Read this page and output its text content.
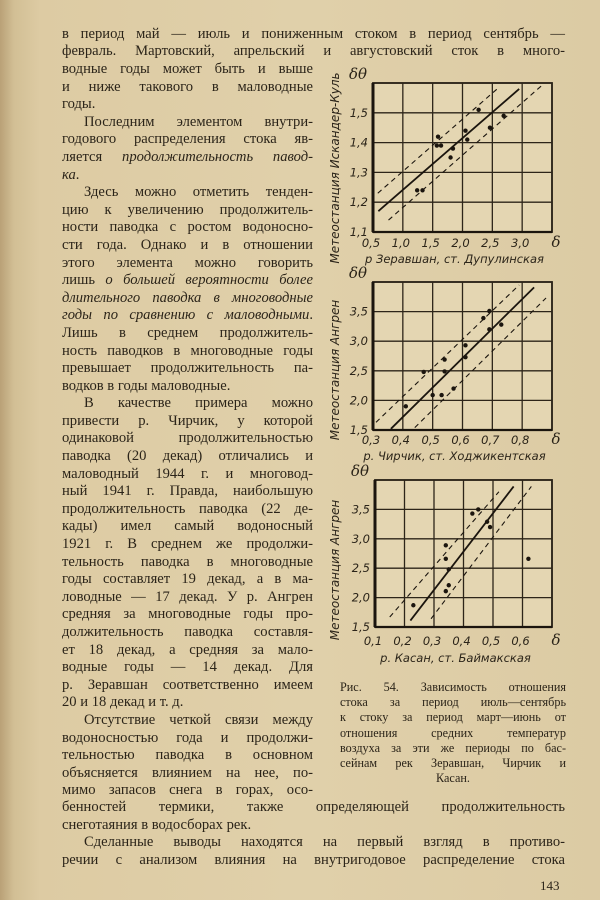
в период май — июль и пониженным стоком в период сентябрь —
февраль. Мартовский, апрельский и августовский сток в много-
водные годы может быть и выше
и ниже такового в маловодные
годы.
Последним элементом внутри-
годового распределения стока яв-
ляется продолжительность павод-
ка.
Здесь можно отметить тенден-
цию к увеличению продолжитель-
ности паводка с ростом водоносно-
сти года. Однако и в отношении
этого элемента можно говорить
лишь о большей вероятности более
длительного паводка в многоводные
годы по сравнению с маловодными.
Лишь в среднем продолжитель-
ность паводков в многоводные годы
превышает продолжительность па-
водков в годы маловодные.
В качестве примера можно
привести р. Чирчик, у которой
одинаковой продолжительностью
паводка (20 декад) отличались и
маловодный 1944 г. и многовод-
ный 1941 г. Правда, наибольшую
продолжительность паводка (22 де-
кады) имел самый водоносный
1921 г. В среднем же продолжи-
тельность паводка в многоводные
годы составляет 19 декад, а в ма-
ловодные — 17 декад. У р. Ангрен
средняя за многоводные годы про-
должительность паводка составля-
ет 18 декад, а средняя за мало-
водные годы — 14 декад. Для
р. Зеравшан соответственно имеем
20 и 18 декад и т. д.
Отсутствие четкой связи между
водоносностью года и продолжи-
тельностью паводка в основном
объясняется влиянием на нее, по-
мимо запасов снега в горах, осо-
бенностей термики, также определяющей продолжительность
снеготаяния в водосборах рек.
Сделанные выводы находятся на первый взгляд в противо-
речии с анализом влияния на внутригодовое распределение стока
Рис. 54. Зависимость отношения
стока за период июль—сентябрь
к стоку за период март—июнь от
отношения средних температур
воздуха за эти же периоды по бас-
сейнам рек Зеравшан, Чирчик и
Касан.
143
0,5 1,0 1,5 2,0 2,5 3,0
1,1
1,2
1,3
1,4
1,5
δ
δθ
р Зеравшан, ст. Дупулинская
Метеостанция Искандер-Куль
0,3 0,4 0,5 0,6 0,7 0,8
1,5
2,0
2,5
3,0
3,5
δ
δθ
р. Чирчик, ст. Ходжикентская
Метеостанция Ангрен
0,1 0,2 0,3 0,4 0,5 0,6
1,5
2,0
2,5
3,0
3,5
δ
δθ
р. Касан, ст. Баймакская
Метеостанция Ангрен
